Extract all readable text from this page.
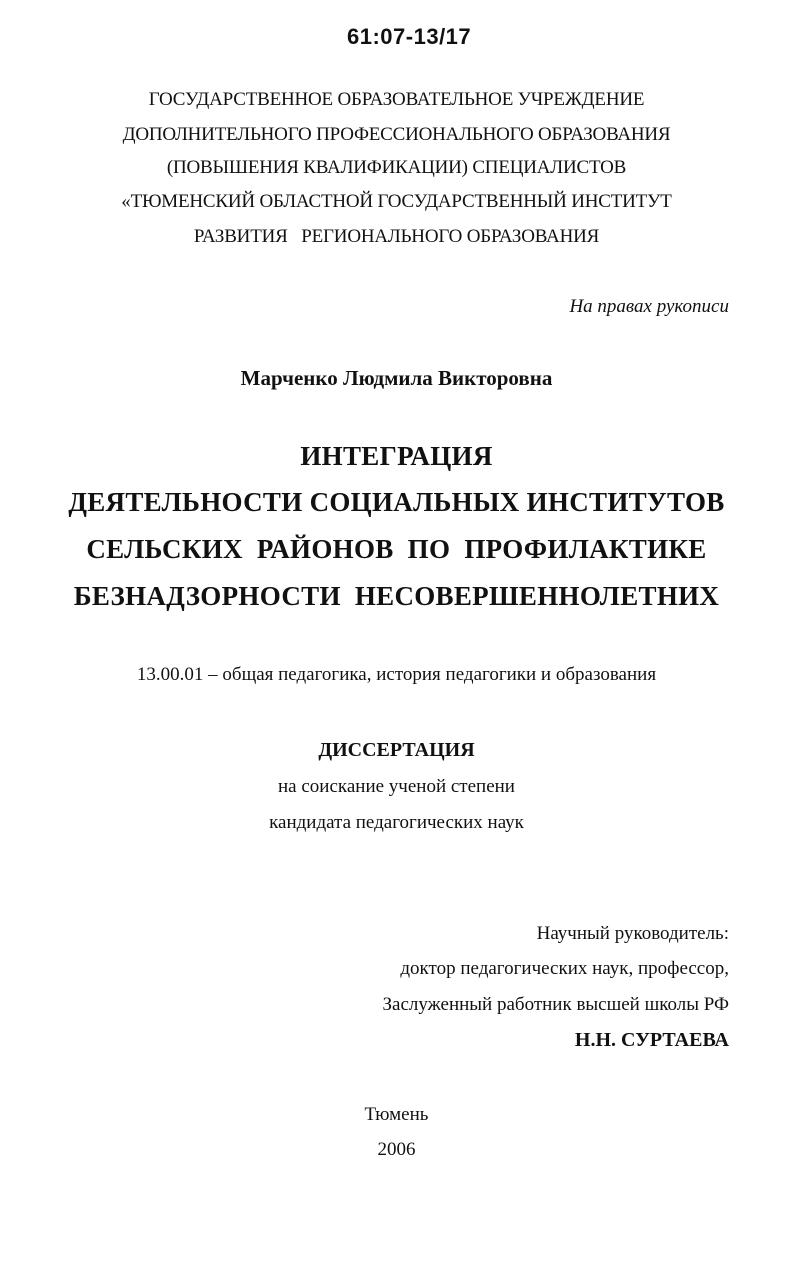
61:07-13/17

ГОСУДАРСТВЕННОЕ ОБРАЗОВАТЕЛЬНОЕ УЧРЕЖДЕНИЕ

ДОПОЛНИТЕЛЬНОГО ПРОФЕССИОНАЛЬНОГО ОБРАЗОВАНИЯ

(ПОВЫШЕНИЯ КВАЛИФИКАЦИИ) СПЕЦИАЛИСТОВ

«ТЮМЕНСКИЙ ОБЛАСТНОЙ ГОСУДАРСТВЕННЫЙ ИНСТИТУТ

РАЗВИТИЯ   РЕГИОНАЛЬНОГО ОБРАЗОВАНИЯ

На правах рукописи

Марченко Людмила Викторовна

ИНТЕГРАЦИЯ

ДЕЯТЕЛЬНОСТИ СОЦИАЛЬНЫХ ИНСТИТУТОВ

СЕЛЬСКИХ  РАЙОНОВ  ПО  ПРОФИЛАКТИКЕ

БЕЗНАДЗОРНОСТИ  НЕСОВЕРШЕННОЛЕТНИХ

13.00.01 – общая педагогика, история педагогики и образования

ДИССЕРТАЦИЯ

на соискание ученой степени

кандидата педагогических наук

Научный руководитель:

доктор педагогических наук, профессор,

Заслуженный работник высшей школы РФ

Н.Н. СУРТАЕВА

Тюмень

2006
